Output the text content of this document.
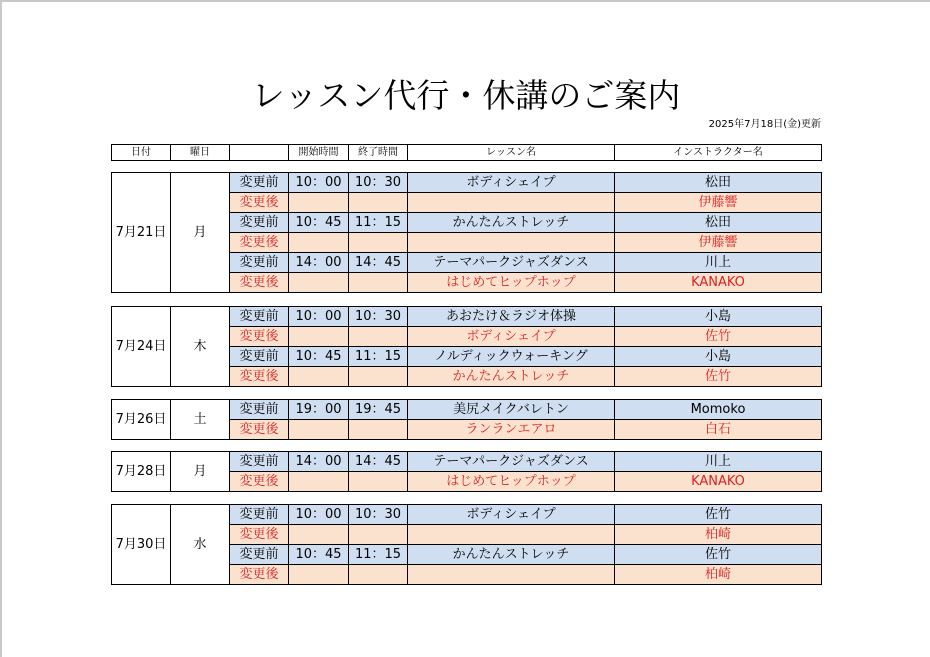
レッスン代行・休講のご案内
2025年7月18日(金)更新
日付	曜日		開始時間	終了時間	レッスン名	インストラクター名
7月21日	月	変更前	10：00	10：30	ボディシェイプ	松田
		変更後				伊藤響
		変更前	10：45	11：15	かんたんストレッチ	松田
		変更後				伊藤響
		変更前	14：00	14：45	テーマパークジャズダンス	川上
		変更後			はじめてヒップホップ	KANAKO
7月24日	木	変更前	10：00	10：30	あおたけ＆ラジオ体操	小島
		変更後			ボディシェイプ	佐竹
		変更前	10：45	11：15	ノルディックウォーキング	小島
		変更後			かんたんストレッチ	佐竹
7月26日	土	変更前	19：00	19：45	美尻メイクバレトン	Momoko
		変更後			ランランエアロ	白石
7月28日	月	変更前	14：00	14：45	テーマパークジャズダンス	川上
		変更後			はじめてヒップホップ	KANAKO
7月30日	水	変更前	10：00	10：30	ボディシェイプ	佐竹
		変更後				柏崎
		変更前	10：45	11：15	かんたんストレッチ	佐竹
		変更後				柏崎
